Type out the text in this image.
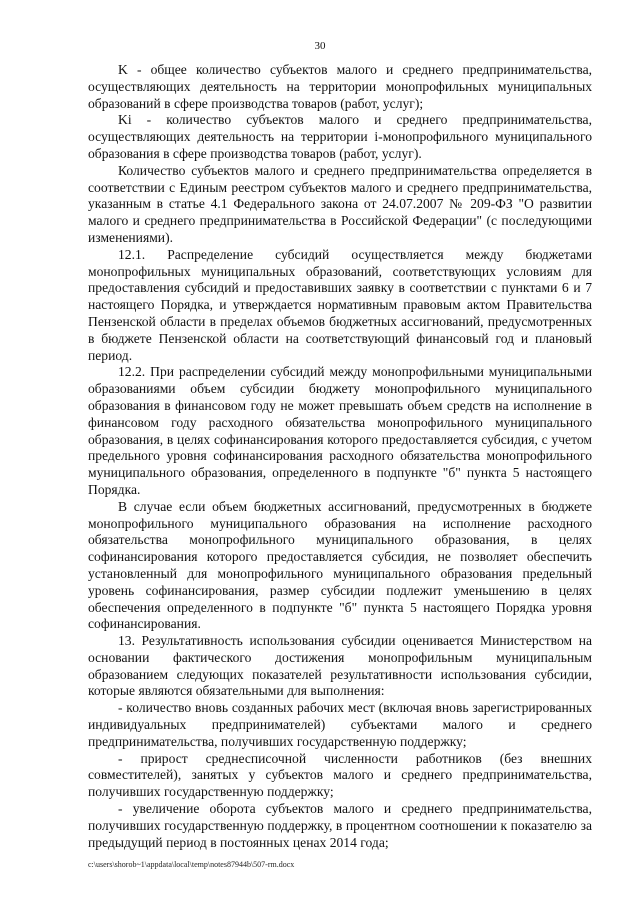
30

K - общее количество субъектов малого и среднего предпринимательства, осуществляющих деятельность на территории монопрофильных муниципальных образований в сфере производства товаров (работ, услуг);

Ki - количество субъектов малого и среднего предпринимательства, осуществляющих деятельность на территории i-монопрофильного муниципального образования в сфере производства товаров (работ, услуг).

Количество субъектов малого и среднего предпринимательства определяется в соответствии с Единым реестром субъектов малого и среднего предпринимательства, указанным в статье 4.1 Федерального закона от 24.07.2007 № 209-ФЗ "О развитии малого и среднего предпринимательства в Российской Федерации" (с последующими изменениями).

12.1. Распределение субсидий осуществляется между бюджетами монопрофильных муниципальных образований, соответствующих условиям для предоставления субсидий и предоставивших заявку в соответствии с пунктами 6 и 7 настоящего Порядка, и утверждается нормативным правовым актом Правительства Пензенской области в пределах объемов бюджетных ассигнований, предусмотренных в бюджете Пензенской области на соответствующий финансовый год и плановый период.

12.2. При распределении субсидий между монопрофильными муниципальными образованиями объем субсидии бюджету монопрофильного муниципального образования в финансовом году не может превышать объем средств на исполнение в финансовом году расходного обязательства монопрофильного муниципального образования, в целях софинансирования которого предоставляется субсидия, с учетом предельного уровня софинансирования расходного обязательства монопрофильного муниципального образования, определенного в подпункте "б" пункта 5 настоящего Порядка.

В случае если объем бюджетных ассигнований, предусмотренных в бюджете монопрофильного муниципального образования на исполнение расходного обязательства монопрофильного муниципального образования, в целях софинансирования которого предоставляется субсидия, не позволяет обеспечить установленный для монопрофильного муниципального образования предельный уровень софинансирования, размер субсидии подлежит уменьшению в целях обеспечения определенного в подпункте "б" пункта 5 настоящего Порядка уровня софинансирования.

13. Результативность использования субсидии оценивается Министерством на основании фактического достижения монопрофильным муниципальным образованием следующих показателей результативности использования субсидии, которые являются обязательными для выполнения:

- количество вновь созданных рабочих мест (включая вновь зарегистрированных индивидуальных предпринимателей) субъектами малого и среднего предпринимательства, получивших государственную поддержку;

- прирост среднесписочной численности работников (без внешних совместителей), занятых у субъектов малого и среднего предпринимательства, получивших государственную поддержку;

- увеличение оборота субъектов малого и среднего предпринимательства, получивших государственную поддержку, в процентном соотношении к показателю за предыдущий период в постоянных ценах 2014 года;

c:\users\shorob~1\appdata\local\temp\notes87944b\507-rm.docx
